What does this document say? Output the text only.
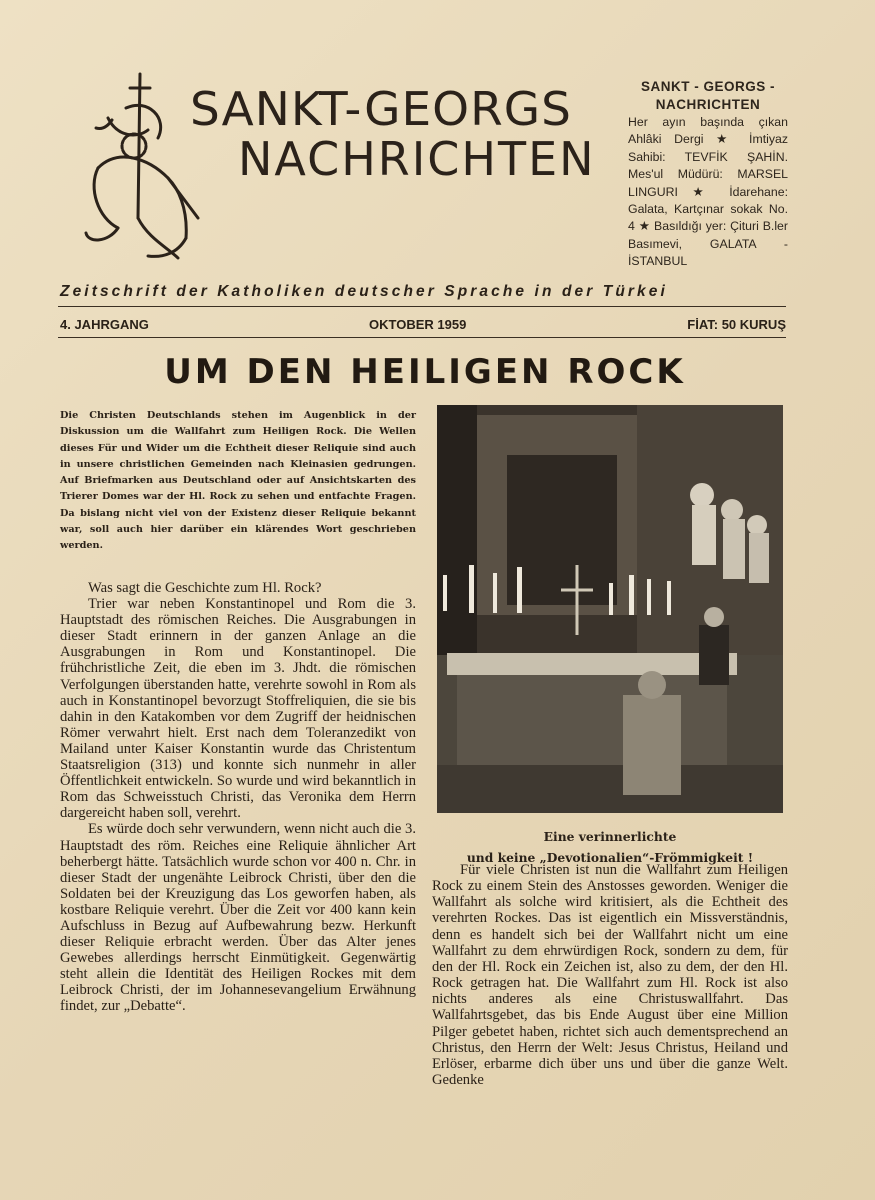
SANKT-GEORGS
NACHRICHTEN
SANKT - GEORGS - NACHRICHTEN
Her ayın başında çıkan Ahlâki Dergi ★ İmtiyaz Sahibi: TEVFİK ŞAHİN. Mes'ul Müdürü: MARSEL LINGURI ★ İdarehane: Galata, Kartçınar sokak No. 4 ★ Basıldığı yer: Çituri B.ler Basımevi, GALATA - İSTANBUL
Zeitschrift der Katholiken deutscher Sprache in der Türkei
4. JAHRGANG	OKTOBER 1959	FİAT: 50 KURUŞ
UM DEN HEILIGEN ROCK
Die Christen Deutschlands stehen im Augenblick in der Diskussion um die Wallfahrt zum Heiligen Rock. Die Wellen dieses Für und Wider um die Echtheit dieser Reliquie sind auch in unsere christlichen Gemeinden nach Kleinasien gedrungen. Auf Briefmarken aus Deutschland oder auf Ansichtskarten des Trierer Domes war der Hl. Rock zu sehen und entfachte Fragen. Da bislang nicht viel von der Existenz dieser Reliquie bekannt war, soll auch hier darüber ein klärendes Wort geschrieben werden.

Was sagt die Geschichte zum Hl. Rock?

Trier war neben Konstantinopel und Rom die 3. Hauptstadt des römischen Reiches. Die Ausgrabungen in dieser Stadt erinnern in der ganzen Anlage an die Ausgrabungen in Rom und Konstantinopel. Die frühchristliche Zeit, die eben im 3. Jhdt. die römischen Verfolgungen überstanden hatte, verehrte sowohl in Rom als auch in Konstantinopel bevorzugt Stoffreliquien, die sie bis dahin in den Katakomben vor dem Zugriff der heidnischen Römer verwahrt hielt. Erst nach dem Toleranzedikt von Mailand unter Kaiser Konstantin wurde das Christentum Staatsreligion (313) und konnte sich nunmehr in aller Öffentlichkeit entwickeln. So wurde und wird bekanntlich in Rom das Schweisstuch Christi, das Veronika dem Herrn dargereicht haben soll, verehrt.

Es würde doch sehr verwundern, wenn nicht auch die 3. Hauptstadt des röm. Reiches eine Reliquie ähnlicher Art beherbergt hätte. Tatsächlich wurde schon vor 400 n. Chr. in dieser Stadt der ungenähte Leibrock Christi, über den die Soldaten bei der Kreuzigung das Los geworfen haben, als kostbare Reliquie verehrt. Über die Zeit vor 400 kann kein Aufschluss in Bezug auf Aufbewahrung bezw. Herkunft dieser Reliquie erbracht werden. Über das Alter jenes Gewebes allerdings herrscht Einmütigkeit. Gegenwärtig steht allein die Identität des Heiligen Rockes mit dem Leibrock Christi, der im Johannesevangelium Erwähnung findet, zur „Debatte“.

Eine verinnerlichte
und keine „Devotionalien“-Frömmigkeit !

Für viele Christen ist nun die Wallfahrt zum Heiligen Rock zu einem Stein des Anstosses geworden. Weniger die Wallfahrt als solche wird kritisiert, als die Echtheit des verehrten Rockes. Das ist eigentlich ein Missverständnis, denn es handelt sich bei der Wallfahrt nicht um eine Wallfahrt zu dem ehrwürdigen Rock, sondern zu dem, für den der Hl. Rock ein Zeichen ist, also zu dem, der den Hl. Rock getragen hat. Die Wallfahrt zum Hl. Rock ist also nichts anderes als eine Christuswallfahrt. Das Wallfahrtsgebet, das bis Ende August über eine Million Pilger gebetet haben, richtet sich auch dementsprechend an Christus, den Herrn der Welt: Jesus Christus, Heiland und Erlöser, erbarme dich über uns und über die ganze Welt. Gedenke
